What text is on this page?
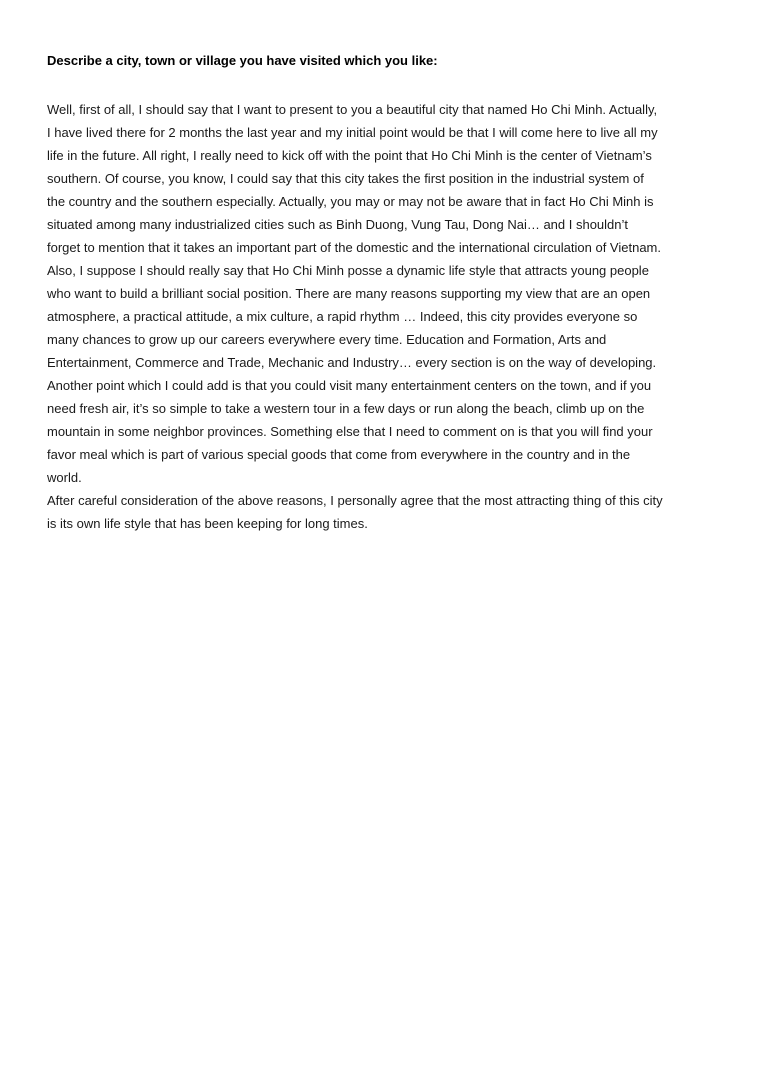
Describe a city, town or village you have visited which you like:
Well, first of all, I should say that I want to present to you a beautiful city that named Ho Chi Minh. Actually,
I have lived there for 2 months the last year and my initial point would be that I will come here to live all my
life in the future. All right, I really need to kick off with the point that Ho Chi Minh is the center of Vietnam’s
southern. Of course, you know, I could say that this city takes the first position in the industrial system of
the country and the southern especially. Actually, you may or may not be aware that in fact Ho Chi Minh is
situated among many industrialized cities such as Binh Duong, Vung Tau, Dong Nai… and I shouldn’t
forget to mention that it takes an important part of the domestic and the international circulation of Vietnam.
Also, I suppose I should really say that Ho Chi Minh posse a dynamic life style that attracts young people
who want to build a brilliant social position. There are many reasons supporting my view that are an open
atmosphere, a practical attitude, a mix culture, a rapid rhythm … Indeed, this city provides everyone so
many chances to grow up our careers everywhere every time. Education and Formation, Arts and
Entertainment, Commerce and Trade, Mechanic and Industry… every section is on the way of developing.
Another point which I could add is that you could visit many entertainment centers on the town, and if you
need fresh air, it’s so simple to take a western tour in a few days or run along the beach, climb up on the
mountain in some neighbor provinces. Something else that I need to comment on is that you will find your
favor meal which is part of various special goods that come from everywhere in the country and in the
world.
After careful consideration of the above reasons, I personally agree that the most attracting thing of this city
is its own life style that has been keeping for long times.
